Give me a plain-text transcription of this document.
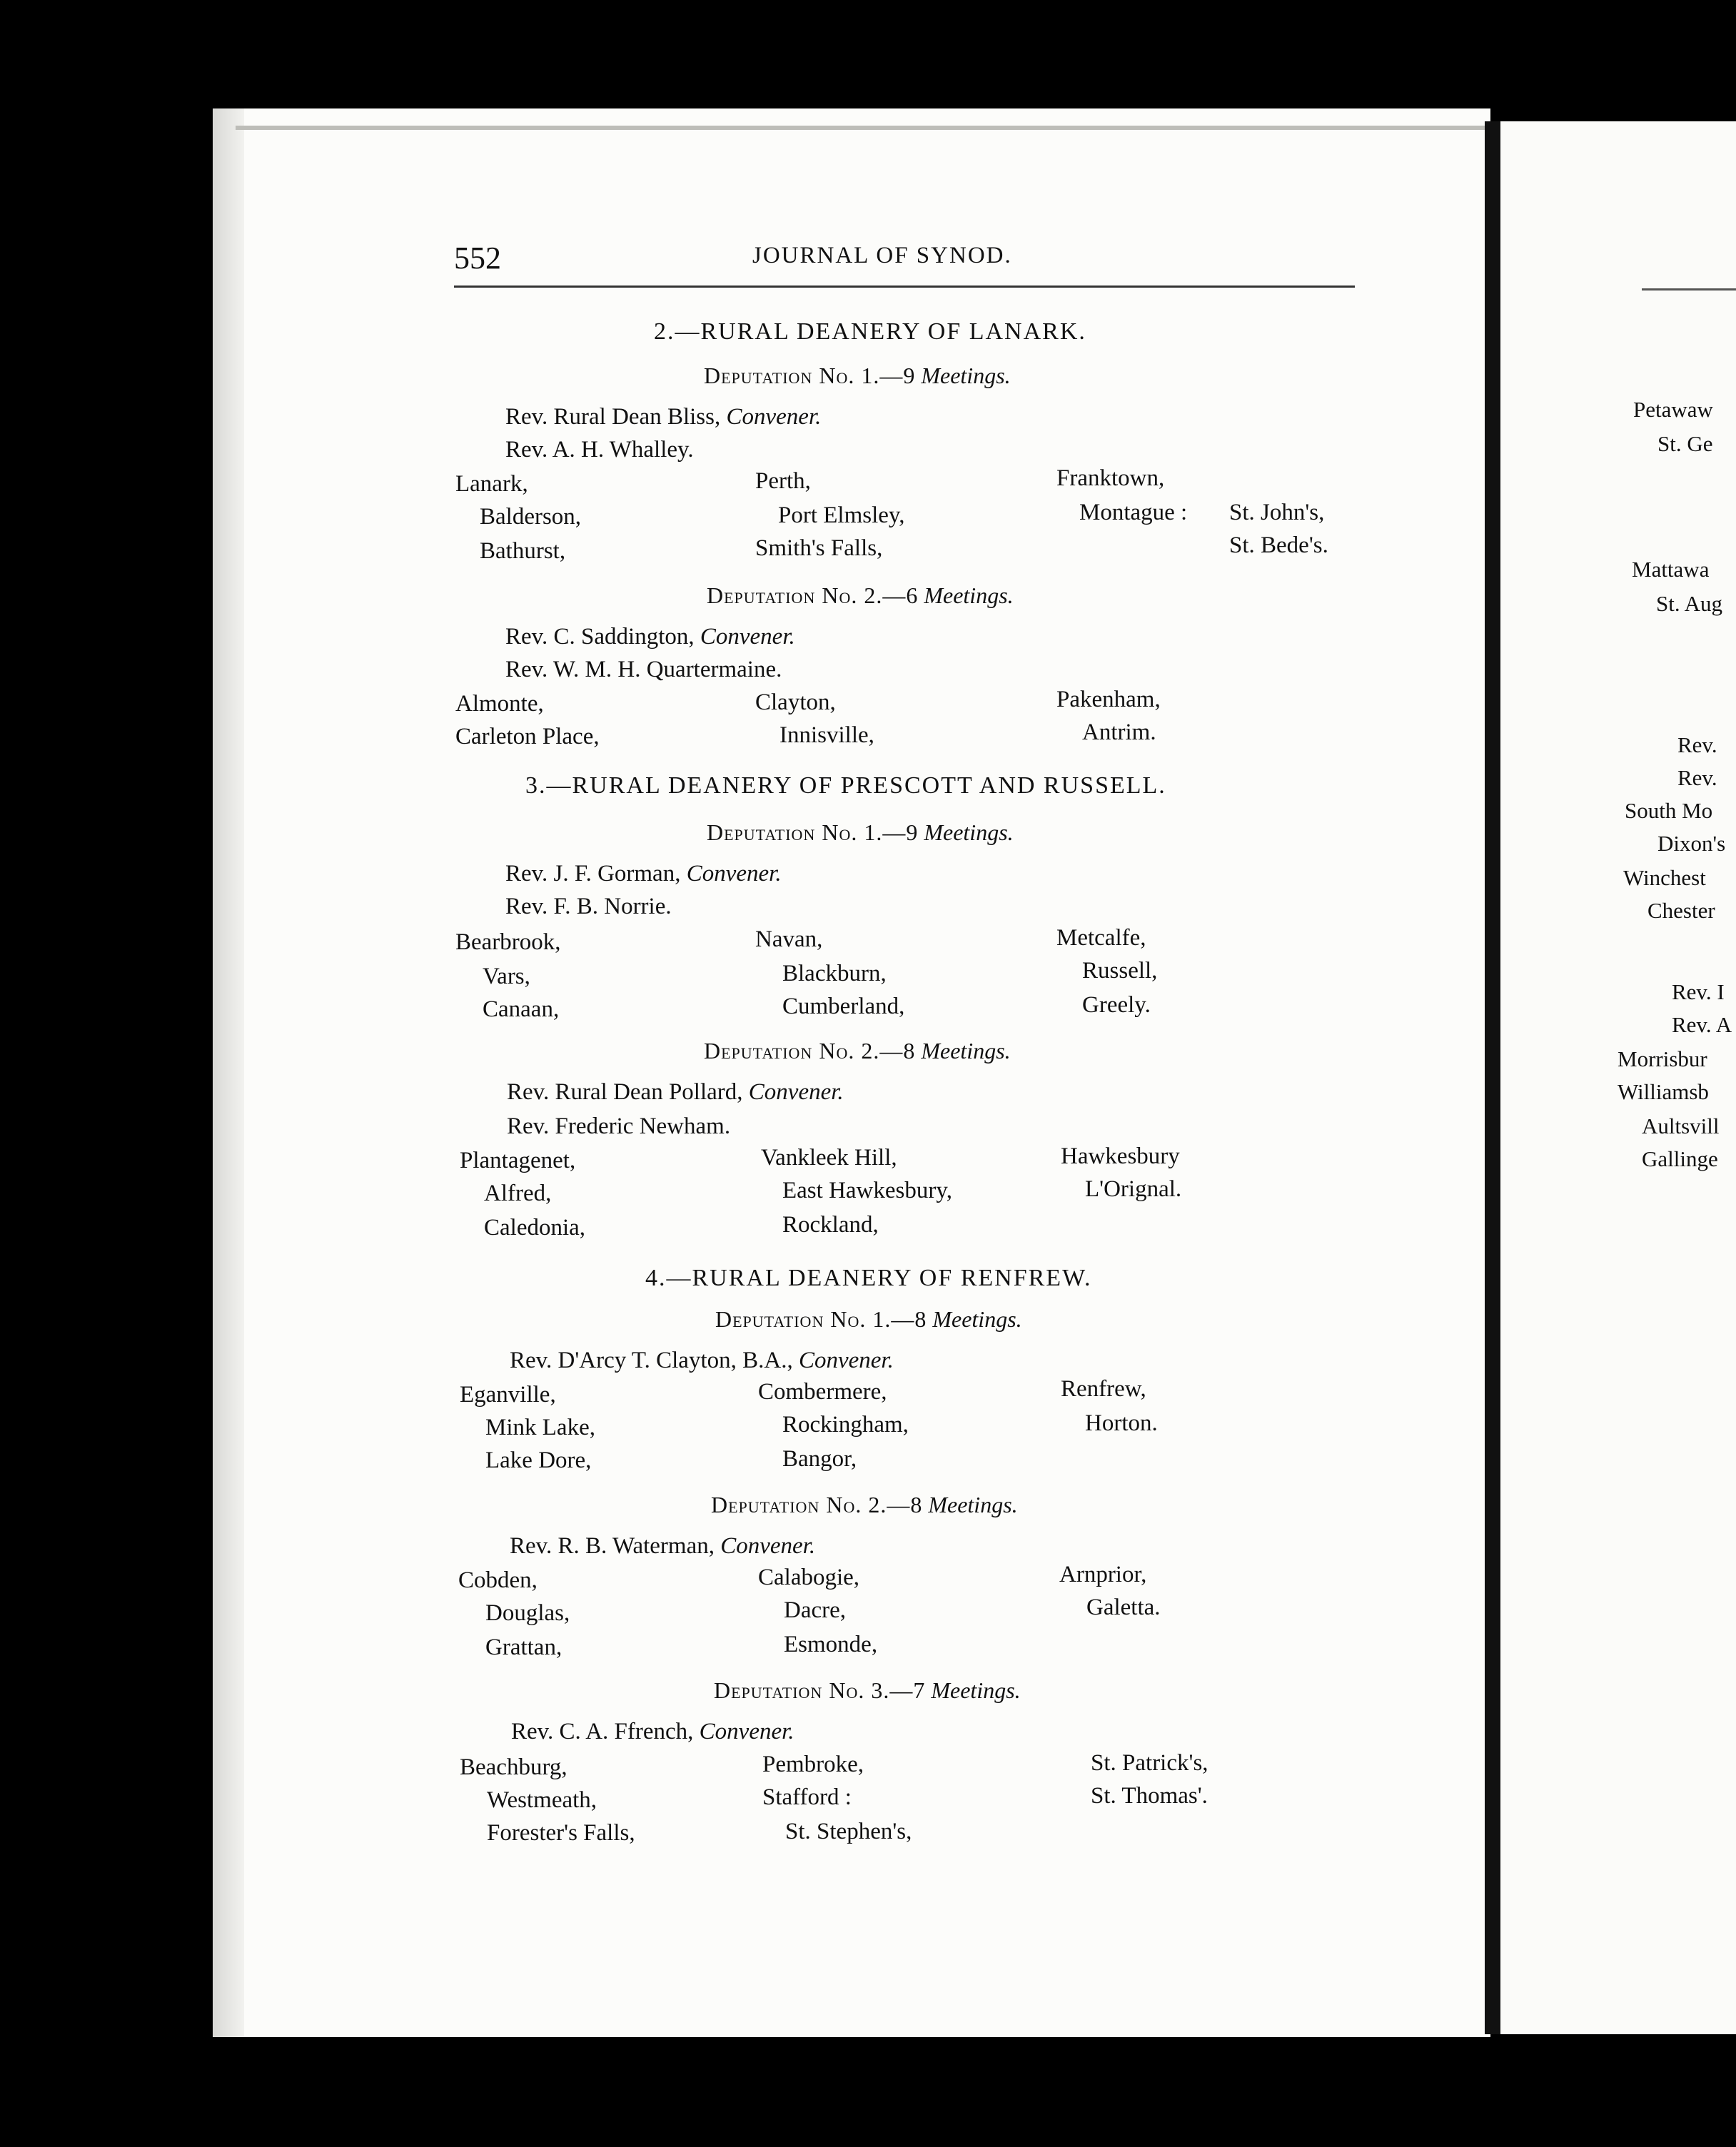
552	JOURNAL OF SYNOD.
2.—RURAL DEANERY OF LANARK.
Deputation No. 1.—9 Meetings.
Rev. Rural Dean Bliss, Convener.
Rev. A. H. Whalley.
Lanark,
Balderson,
Bathurst,
Perth,
Port Elmsley,
Smith's Falls,
Franktown,
Montague : St. John's,
St. Bede's.
Deputation No. 2.—6 Meetings.
Rev. C. Saddington, Convener.
Rev. W. M. H. Quartermaine.
Almonte,
Carleton Place,
Clayton,
Innisville,
Pakenham,
Antrim.
3.—RURAL DEANERY OF PRESCOTT AND RUSSELL.
Deputation No. 1.—9 Meetings.
Rev. J. F. Gorman, Convener.
Rev. F. B. Norrie.
Bearbrook,
Vars,
Canaan,
Navan,
Blackburn,
Cumberland,
Metcalfe,
Russell,
Greely.
Deputation No. 2.—8 Meetings.
Rev. Rural Dean Pollard, Convener.
Rev. Frederic Newham.
Plantagenet,
Alfred,
Caledonia,
Vankleek Hill,
East Hawkesbury,
Rockland,
Hawkesbury
L'Orignal.
4.—RURAL DEANERY OF RENFREW.
Deputation No. 1.—8 Meetings.
Rev. D'Arcy T. Clayton, B.A., Convener.
Eganville,
Mink Lake,
Lake Dore,
Combermere,
Rockingham,
Bangor,
Renfrew,
Horton.
Deputation No. 2.—8 Meetings.
Rev. R. B. Waterman, Convener.
Cobden,
Douglas,
Grattan,
Calabogie,
Dacre,
Esmonde,
Arnprior,
Galetta.
Deputation No. 3.—7 Meetings.
Rev. C. A. Ffrench, Convener.
Beachburg,
Westmeath,
Forester's Falls,
Pembroke,
Stafford :
St. Stephen's,
St. Patrick's,
St. Thomas'.
Petawaw
St. Ge
Mattawa
St. Aug
Rev.
Rev.
South Mo
Dixon's
Winchest
Chester
Rev. I
Rev. A
Morrisbur
Williamsb
Aultsvill
Gallinge
